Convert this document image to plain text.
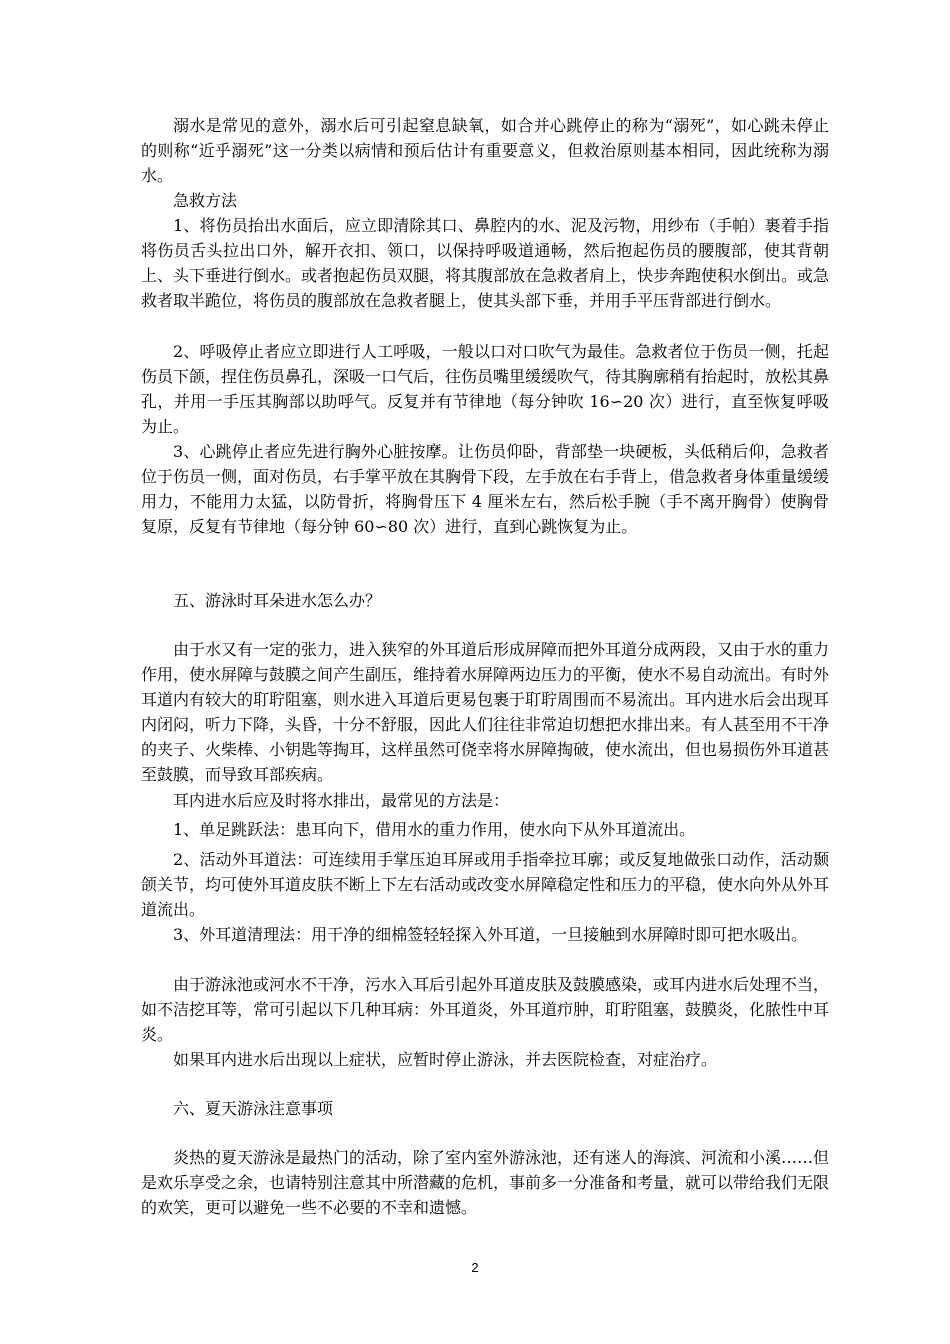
溺水是常见的意外，溺水后可引起窒息缺氧，如合并心跳停止的称为“溺死”，如心跳未停止的则称“近乎溺死”这一分类以病情和预后估计有重要意义，但救治原则基本相同，因此统称为溺水。

急救方法

1、将伤员抬出水面后，应立即清除其口、鼻腔内的水、泥及污物，用纱布（手帕）裹着手指将伤员舌头拉出口外，解开衣扣、领口，以保持呼吸道通畅，然后抱起伤员的腰腹部，使其背朝上、头下垂进行倒水。或者抱起伤员双腿，将其腹部放在急救者肩上，快步奔跑使积水倒出。或急救者取半跪位，将伤员的腹部放在急救者腿上，使其头部下垂，并用手平压背部进行倒水。

2、呼吸停止者应立即进行人工呼吸，一般以口对口吹气为最佳。急救者位于伤员一侧，托起伤员下颌，捏住伤员鼻孔，深吸一口气后，往伤员嘴里缓缓吹气，待其胸廓稍有抬起时，放松其鼻孔，并用一手压其胸部以助呼气。反复并有节律地（每分钟吹 16∽20 次）进行，直至恢复呼吸为止。

3、心跳停止者应先进行胸外心脏按摩。让伤员仰卧，背部垫一块硬板，头低稍后仰，急救者位于伤员一侧，面对伤员，右手掌平放在其胸骨下段，左手放在右手背上，借急救者身体重量缓缓用力，不能用力太猛，以防骨折，将胸骨压下 4 厘米左右，然后松手腕（手不离开胸骨）使胸骨复原，反复有节律地（每分钟 60∽80 次）进行，直到心跳恢复为止。

五、游泳时耳朵进水怎么办？

由于水又有一定的张力，进入狭窄的外耳道后形成屏障而把外耳道分成两段，又由于水的重力作用，使水屏障与鼓膜之间产生副压，维持着水屏障两边压力的平衡，使水不易自动流出。有时外耳道内有较大的耵聍阻塞，则水进入耳道后更易包裹于耵聍周围而不易流出。耳内进水后会出现耳内闭闷，听力下降，头昏，十分不舒服，因此人们往往非常迫切想把水排出来。有人甚至用不干净的夹子、火柴棒、小钥匙等掏耳，这样虽然可侥幸将水屏障掏破，使水流出，但也易损伤外耳道甚至鼓膜，而导致耳部疾病。

耳内进水后应及时将水排出，最常见的方法是：

1、单足跳跃法：患耳向下，借用水的重力作用，使水向下从外耳道流出。

2、活动外耳道法：可连续用手掌压迫耳屏或用手指牵拉耳廓；或反复地做张口动作，活动颞颌关节，均可使外耳道皮肤不断上下左右活动或改变水屏障稳定性和压力的平稳，使水向外从外耳道流出。

3、外耳道清理法：用干净的细棉签轻轻探入外耳道，一旦接触到水屏障时即可把水吸出。

由于游泳池或河水不干净，污水入耳后引起外耳道皮肤及鼓膜感染，或耳内进水后处理不当，如不洁挖耳等，常可引起以下几种耳病：外耳道炎，外耳道疖肿，耵聍阻塞，鼓膜炎，化脓性中耳炎。

如果耳内进水后出现以上症状，应暂时停止游泳，并去医院检查，对症治疗。

六、夏天游泳注意事项

炎热的夏天游泳是最热门的活动，除了室内室外游泳池，还有迷人的海滨、河流和小溪……但是欢乐享受之余，也请特别注意其中所潜藏的危机，事前多一分准备和考量，就可以带给我们无限的欢笑，更可以避免一些不必要的不幸和遗憾。

2
